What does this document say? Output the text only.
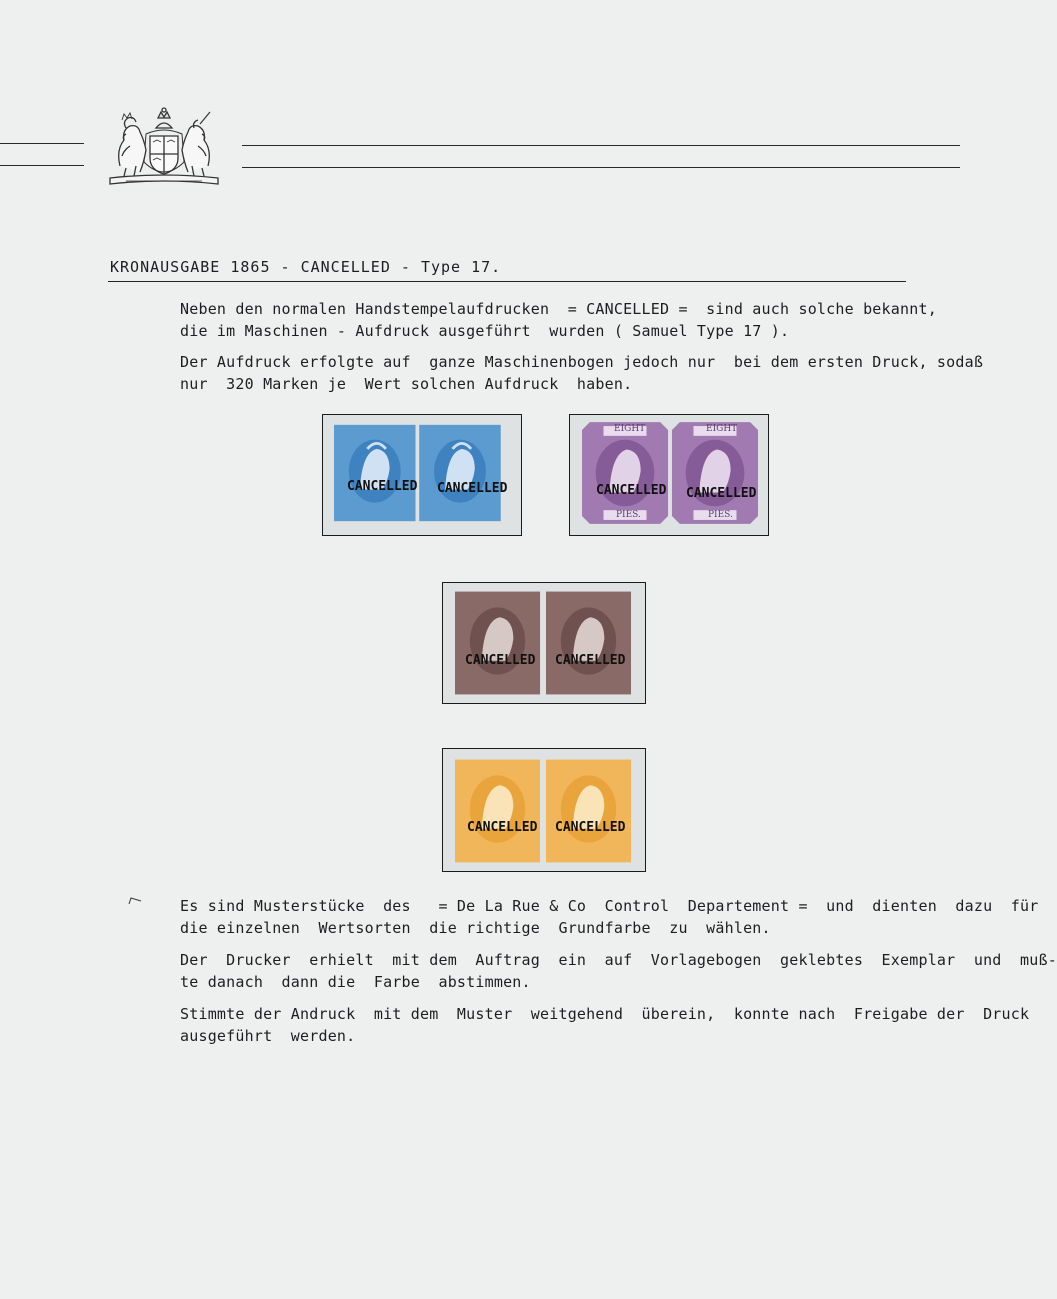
KRONAUSGABE 1865 - CANCELLED - Type 17.
Neben den normalen Handstempelaufdrucken  = CANCELLED =  sind auch solche bekannt,
die im Maschinen - Aufdruck ausgeführt  wurden ( Samuel Type 17 ).
Der Aufdruck erfolgte auf  ganze Maschinenbogen jedoch nur  bei dem ersten Druck, sodaß
nur  320 Marken je  Wert solchen Aufdruck  haben.
CANCELLED CANCELLED
EIGHT	EIGHT
PIES.	PIES.
CANCELLED CANCELLED
CANCELLED CANCELLED
CANCELLED CANCELLED
Es sind Musterstücke  des   = De La Rue & Co  Control  Departement =  und  dienten  dazu  für
die einzelnen  Wertsorten  die richtige  Grundfarbe  zu  wählen.
Der  Drucker  erhielt  mit dem  Auftrag  ein  auf  Vorlagebogen  geklebtes  Exemplar  und  muß-
te danach  dann die  Farbe  abstimmen.
Stimmte der Andruck  mit dem  Muster  weitgehend  überein,  konnte nach  Freigabe der  Druck
ausgeführt  werden.
